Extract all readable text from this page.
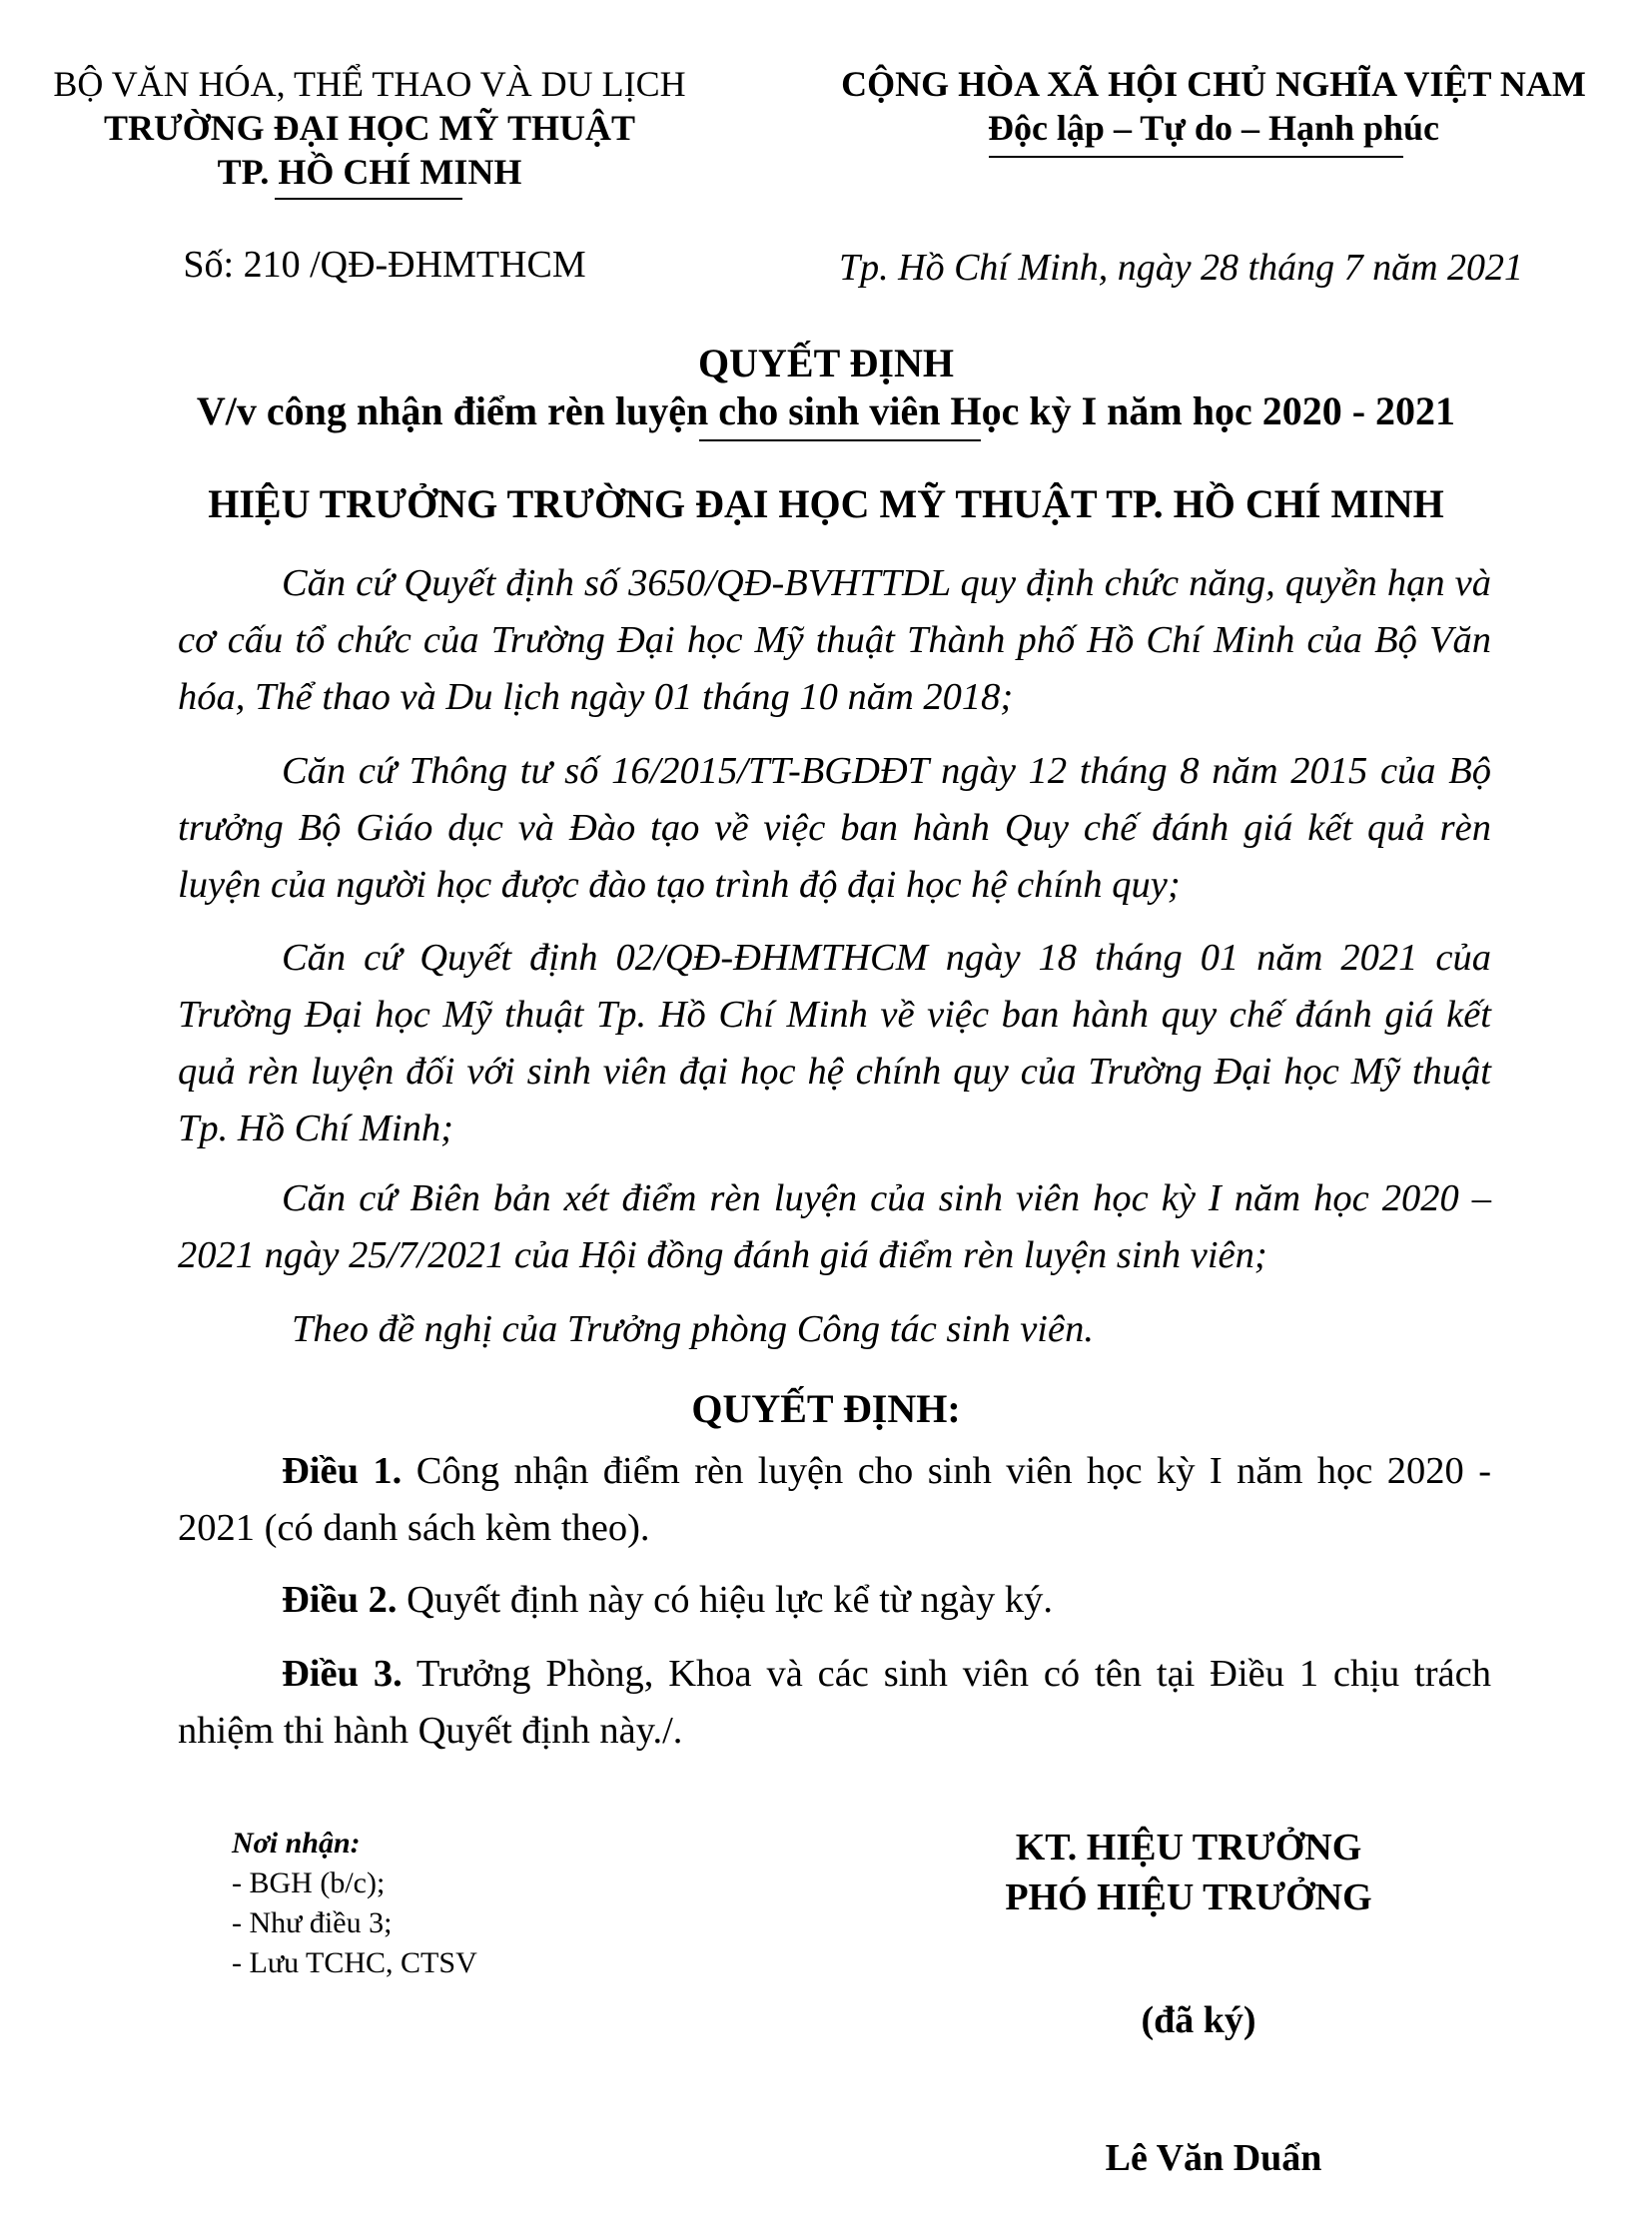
BỘ VĂN HÓA, THỂ THAO VÀ DU LỊCH
TRƯỜNG ĐẠI HỌC MỸ THUẬT
TP. HỒ CHÍ MINH
Số: 210 /QĐ-ĐHMTHCM
CỘNG HÒA XÃ HỘI CHỦ NGHĨA VIỆT NAM
Độc lập – Tự do – Hạnh phúc
Tp. Hồ Chí Minh, ngày 28 tháng 7 năm 2021
QUYẾT ĐỊNH
V/v công nhận điểm rèn luyện cho sinh viên Học kỳ I năm học 2020 - 2021
HIỆU TRƯỞNG TRƯỜNG ĐẠI HỌC MỸ THUẬT TP. HỒ CHÍ MINH
Căn cứ Quyết định số 3650/QĐ-BVHTTDL quy định chức năng, quyền hạn và cơ cấu tổ chức của Trường Đại học Mỹ thuật Thành phố Hồ Chí Minh của Bộ Văn hóa, Thể thao và Du lịch ngày 01 tháng 10 năm 2018;
Căn cứ Thông tư số 16/2015/TT-BGDĐT ngày 12 tháng 8 năm 2015 của Bộ trưởng Bộ Giáo dục và Đào tạo về việc ban hành Quy chế đánh giá kết quả rèn luyện của người học được đào tạo trình độ đại học hệ chính quy;
Căn cứ Quyết định 02/QĐ-ĐHMTHCM ngày 18 tháng 01 năm 2021 của Trường Đại học Mỹ thuật Tp. Hồ Chí Minh về việc ban hành quy chế đánh giá kết quả rèn luyện đối với sinh viên đại học hệ chính quy của Trường Đại học Mỹ thuật Tp. Hồ Chí Minh;
Căn cứ Biên bản xét điểm rèn luyện của sinh viên học kỳ I năm học 2020 – 2021 ngày 25/7/2021 của Hội đồng đánh giá điểm rèn luyện sinh viên;
Theo đề nghị của Trưởng phòng Công tác sinh viên.
QUYẾT ĐỊNH:
Điều 1. Công nhận điểm rèn luyện cho sinh viên học kỳ I năm học 2020 - 2021 (có danh sách kèm theo).
Điều 2. Quyết định này có hiệu lực kể từ ngày ký.
Điều 3. Trưởng Phòng, Khoa và các sinh viên có tên tại Điều 1 chịu trách nhiệm thi hành Quyết định này./.
Nơi nhận:
- BGH (b/c);
- Như điều 3;
- Lưu TCHC, CTSV
KT. HIỆU TRƯỞNG
PHÓ HIỆU TRƯỞNG
(đã ký)
Lê Văn Duẩn
